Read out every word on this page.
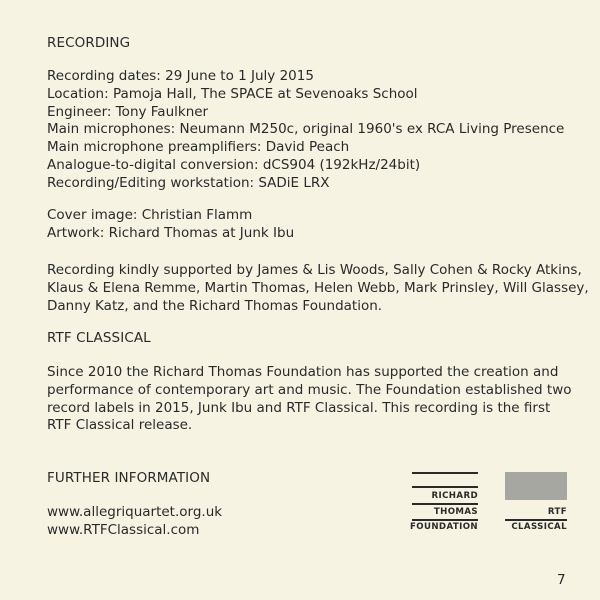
RECORDING
Recording dates: 29 June to 1 July 2015
Location: Pamoja Hall, The SPACE at Sevenoaks School
Engineer: Tony Faulkner
Main microphones: Neumann M250c, original 1960's ex RCA Living Presence
Main microphone preamplifiers: David Peach
Analogue-to-digital conversion: dCS904 (192kHz/24bit)
Recording/Editing workstation: SADiE LRX
Cover image: Christian Flamm
Artwork: Richard Thomas at Junk Ibu
Recording kindly supported by James & Lis Woods, Sally Cohen & Rocky Atkins,
Klaus & Elena Remme, Martin Thomas, Helen Webb, Mark Prinsley, Will Glassey,
Danny Katz, and the Richard Thomas Foundation.
RTF CLASSICAL
Since 2010 the Richard Thomas Foundation has supported the creation and
performance of contemporary art and music. The Foundation established two
record labels in 2015, Junk Ibu and RTF Classical. This recording is the first
RTF Classical release.
FURTHER INFORMATION
www.allegriquartet.org.uk
www.RTFClassical.com
RICHARD
THOMAS
FOUNDATION
RTF
CLASSICAL
7
